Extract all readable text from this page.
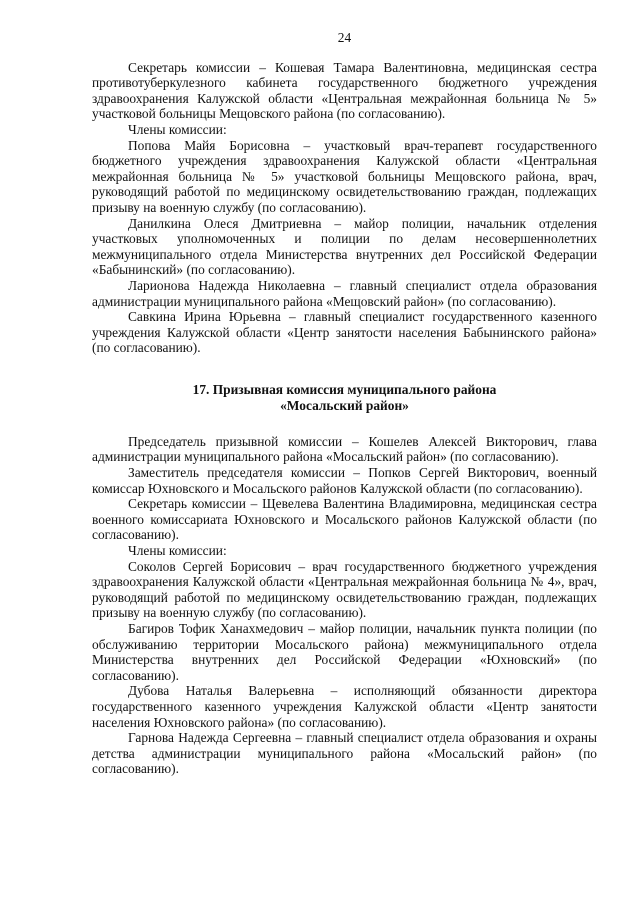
24

Секретарь комиссии – Кошевая Тамара Валентиновна, медицинская сестра противотуберкулезного кабинета государственного бюджетного учреждения здравоохранения Калужской области «Центральная межрайонная больница № 5» участковой больницы Мещовского района (по согласованию).

Члены комиссии:

Попова Майя Борисовна – участковый врач-терапевт государственного бюджетного учреждения здравоохранения Калужской области «Центральная межрайонная больница № 5» участковой больницы Мещовского района, врач, руководящий работой по медицинскому освидетельствованию граждан, подлежащих призыву на военную службу (по согласованию).

Данилкина Олеся Дмитриевна – майор полиции, начальник отделения участковых уполномоченных и полиции по делам несовершеннолетних межмуниципального отдела Министерства внутренних дел Российской Федерации «Бабынинский» (по согласованию).

Ларионова Надежда Николаевна – главный специалист отдела образования администрации муниципального района «Мещовский район» (по согласованию).

Савкина Ирина Юрьевна – главный специалист государственного казенного учреждения Калужской области «Центр занятости населения Бабынинского района» (по согласованию).

17. Призывная комиссия муниципального района
«Мосальский район»

Председатель призывной комиссии – Кошелев Алексей Викторович, глава администрации муниципального района «Мосальский район» (по согласованию).

Заместитель председателя комиссии – Попков Сергей Викторович, военный комиссар Юхновского и Мосальского районов Калужской области (по согласованию).

Секретарь комиссии – Щевелева Валентина Владимировна, медицинская сестра военного комиссариата Юхновского и Мосальского районов Калужской области (по согласованию).

Члены комиссии:

Соколов Сергей Борисович – врач государственного бюджетного учреждения здравоохранения Калужской области «Центральная межрайонная больница № 4», врач, руководящий работой по медицинскому освидетельствованию граждан, подлежащих призыву на военную службу (по согласованию).

Багиров Тофик Ханахмедович – майор полиции, начальник пункта полиции (по обслуживанию территории Мосальского района) межмуниципального отдела Министерства внутренних дел Российской Федерации «Юхновский» (по согласованию).

Дубова Наталья Валерьевна – исполняющий обязанности директора государственного казенного учреждения Калужской области «Центр занятости населения Юхновского района» (по согласованию).

Гарнова Надежда Сергеевна – главный специалист отдела образования и охраны детства администрации муниципального района «Мосальский район» (по согласованию).
